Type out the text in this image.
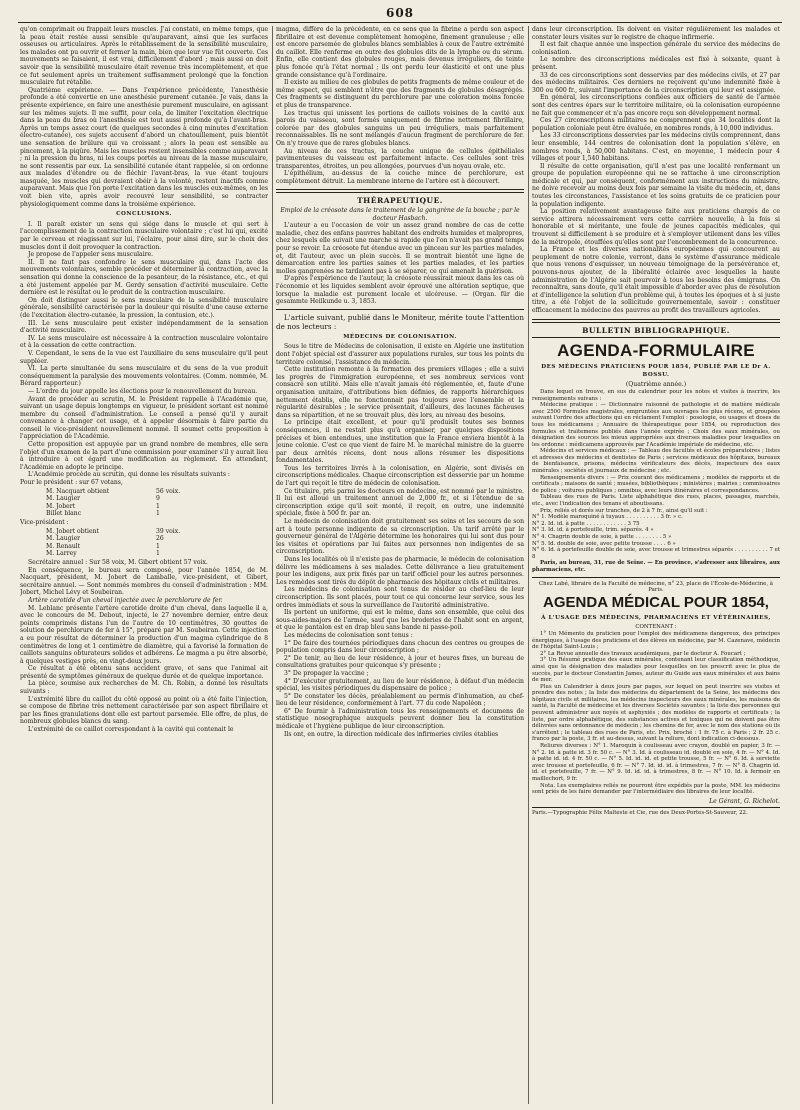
608

qu'on comprimait ou frappait leurs muscles. J'ai constaté, en même temps, que la peau était restée aussi sensible qu'auparavant, ainsi que les surfaces osseuses ou articulaires. Après le rétablissement de la sensibilité musculaire, les malades ont pu ouvrir et fermer la main, bien que leur vue fût couverte. Ces mouvements se faisaient, il est vrai, difficilement d'abord ; mais aussi on doit savoir que la sensibilité musculaire était revenue très incomplètement, et que ce fut seulement après un traitement suffisamment prolongé que la fonction musculaire fut rétablie.

Quatrième expérience. — Dans l'expérience précédente, l'anesthésie profonde a été convertie en une anesthésie purement cutanée. Je vais, dans la présente expérience, en faire une anesthésie purement musculaire, en agissant sur les mêmes sujets. Il me suffit, pour cela, de limiter l'excitation électrique dans la peau du bras où l'anesthésie est tout aussi profonde qu'à l'avant-bras. Après un temps assez court (de quelques secondes à cinq minutes d'excitation électro-cutanée), ces sujets accusent d'abord un chatouillement, puis bientôt une sensation de brûlure qui va croissant ; alors la peau est sensible au pincement, à la piqûre. Mais les muscles restent insensibles comme auparavant ; ni la pression du bras, ni les coups portés au niveau de la masse musculaire, ne sont ressentis par eux. La sensibilité cutanée étant rappelée, si on ordonne aux malades d'étendre ou de fléchir l'avant-bras, la vue étant toujours masquée, les muscles qui devraient obéir à la volonté, restent inactifs comme auparavant. Mais que l'on porte l'excitation dans les muscles eux-mêmes, on les voit bien vite, après avoir recouvré leur sensibilité, se contracter physiologiquement comme dans la troisième expérience.

CONCLUSIONS.

I. Il paraît exister un sens qui siége dans le muscle et qui sert à l'accomplissement de la contraction musculaire volontaire ; c'est lui qui, excité par le cerveau et réagissant sur lui, l'éclaire, pour ainsi dire, sur le choix des muscles dont il doit provoquer la contraction.

Je propose de l'appeler sens musculaire.

II. Il ne faut pas confondre le sens musculaire qui, dans l'acte des mouvements volontaires, semble précéder et déterminer la contraction, avec la sensation qui donne la conscience de la pesanteur, de la résistance, etc., et qui a été justement appelée par M. Gerdy sensation d'activité musculaire. Cette dernière est le résultat ou le produit de la contraction musculaire.

On doit distinguer aussi le sens musculaire de la sensibilité musculaire générale, sensibilité caractérisée par la douleur qui résulte d'une cause externe (de l'excitation électro-cutanée, la pression, la contusion, etc.).

III. Le sens musculaire peut exister indépendamment de la sensation d'activité musculaire.

IV. Le sens musculaire est nécessaire à la contraction musculaire volontaire et à la cessation de cette contraction.

V. Cependant, le sens de la vue est l'auxiliaire du sens musculaire qu'il peut suppléer.

VI. La perte simultanée du sens musculaire et du sens de la vue produit conséquemment la paralysie des mouvements volontaires. (Comm. nommée, M. Bérard rapporteur.)

— L'ordre du jour appelle les élections pour le renouvellement du bureau.

Avant de procéder au scrutin, M. le Président rappelle à l'Académie que, suivant un usage depuis longtemps en vigueur, le président sortant est nommé membre du conseil d'administration. Le conseil a pensé qu'il y aurait convenance à changer cet usage, et à appeler désormais à faire partie du conseil le vice-président nouvellement nommé. Il soumet cette proposition à l'appréciation de l'Académie.

Cette proposition est appuyée par un grand nombre de membres, elle sera l'objet d'un examen de la part d'une commission pour examiner s'il y aurait lieu à introduire à cet égard une modification au règlement. En attendant, l'Académie en adopte le principe.

L'Académie procède au scrutin, qui donne les résultats suivants :

Pour le président : sur 67 votans,

M. Nacquart obtient	56 voix.
M. Laugier	9
M. Jobert	1
Billet blanc	1

Vice-président :

M. Jobert obtient	39 voix.
M. Laugier	26
M. Renault	1
M. Larrey	1

Secrétaire annuel : Sur 58 voix, M. Gibert obtient 57 voix.

En conséquence, le bureau sera composé, pour l'année 1854, de M. Nacquart, président, M. Jobert de Lamballe, vice-président, et Gibert, secrétaire annuel. — Sont nommés membres du conseil d'administration : MM. Jobert, Michel Lévy et Soubeiran.

Artère carotide d'un cheval injectée avec le perchlorure de fer.

M. Leblanc présente l'artère carotide droite d'un cheval, dans laquelle il a, avec le concours de M. Debout, injecté, le 27 novembre dernier, entre deux points comprimés distans l'un de l'autre de 10 centimètres, 30 gouttes de solution de perchlorure de fer à 15°, préparé par M. Soubeiran. Cette injection a eu pour résultat de déterminer la production d'un magma cylindrique de 8 centimètres de long et 1 centimètre de diamètre, qui a favorisé la formation de caillots sanguins obturateurs solides et adhérens. Le magma a pu être absorbé, à quelques vestiges près, en vingt-deux jours.

Ce résultat a été obtenu sans accident grave, et sans que l'animal ait présenté de symptômes généraux de quelque durée et de quelque importance.

La pièce, soumise aux recherches de M. Ch. Robin, a donné les résultats suivants :

L'extrémité libre du caillot du côté opposé au point où a été faite l'injection, se compose de fibrine très nettement caractérisée par son aspect fibrillaire et par les fines granulations dont elle est partout parsemée. Elle offre, de plus, de nombreux globules blancs du sang.

L'extrémité de ce caillot correspondant à la cavité qui contenait le

magma, diffère de la précédente, en ce sens que la fibrine a perdu son aspect fibrillaire et est devenue complètement homogène, finement granuleuse ; elle est encore parsemée de globules blancs semblables à ceux de l'autre extrémité du caillot. Elle renferme en outre des globules dits de la lymphe ou du sérum. Enfin, elle contient des globules rouges, mais devenus irréguliers, de teinte plus foncée qu'à l'état normal ; ils ont perdu leur élasticité et ont une plus grande consistance qu'à l'ordinaire.

Il existe au milieu de ces globules de petits fragments de même couleur et de même aspect, qui semblent n'être que des fragments de globules désagrégés. Ces fragments se distinguent du perchlorure par une coloration moins foncée et plus de transparence.

Les tractus qui unissent les portions de caillots voisines de la cavité aux parois du vaisseau, sont formés uniquement de fibrine nettement fibrillaire, colorée par des globules sanguins un peu irréguliers, mais parfaitement reconnaissables. Ils ne sont mélangés d'aucun fragment de perchlorure de fer. On n'y trouve que de rares globules blancs.

Au niveau de ces tractus, la couche unique de cellules épithéliales pavimenteuses du vaisseau est parfaitement intacte. Ces cellules sont très transparentes, étroites, un peu allongées, pourvues d'un noyau ovale, etc.

L'épithélium, au-dessus de la couche mince de perchlorure, est complètement détruit. La membrane interne de l'artère est à découvert.

THÉRAPEUTIQUE.

Emploi de la créosote dans le traitement de la gangrène de la bouche ; par le docteur Hasbach.

L'auteur a eu l'occasion de voir un assez grand nombre de cas de cette maladie, chez des enfans pauvres habitant des endroits humides et malpropres, chez lesquels elle suivait une marche si rapide que l'on n'avait pas grand temps pour se revoir. La créosote fut étendue avec un pinceau sur les parties malades, et, dit l'auteur, avec un plein succès. Il se montrait bientôt une ligne de démarcation entre les parties saines et les parties malades, et les parties molles gangrenées ne tardaient pas à se séparer, ce qui amenait la guérison.

D'après l'expérience de l'auteur, la créosote réussirait mieux dans les cas où l'économie et les liquides semblent avoir éprouvé une altération septique, que lorsque la maladie est purement locale et ulcéreuse. — (Organ. für die gesammte Heilkunde u. 3, 1853.

L'article suivant, publié dans le Moniteur, mérite toute l'attention de nos lecteurs :

MÉDECINS DE COLONISATION.

Sous le titre de Médecins de colonisation, il existe en Algérie une institution dont l'objet spécial est d'assurer aux populations rurales, sur tous les points du territoire colonisé, l'assistance du médecin.

Cette institution remonte à la formation des premiers villages ; elle a suivi les progrès de l'immigration européenne, et ses nombreux services vont consacré son utilité. Mais elle n'avait jamais été réglementée, et, faute d'une organisation unitaire, d'attributions bien définies, de rapports hiérarchiques nettement établis, elle ne fonctionnait pas toujours avec l'ensemble et la régularité désirables ; le service présentait, d'ailleurs, des lacunes fâcheuses dans sa répartition, et ne se trouvait plus, dès lors, au niveau des besoins.

Le principe était excellent, et pour qu'il produisît toutes ses bonnes conséquences, il ne restait plus qu'à organiser, par quelques dispositions précises et bien entendues, une institution que la France enviera bientôt à la jeune colonie. C'est ce que vient de faire M. le maréchal ministre de la guerre par deux arrêtés récens, dont nous allons résumer les dispositions fondamentales.

Tous les territoires livrés à la colonisation, en Algérie, sont divisés en circonscriptions médicales. Chaque circonscription est desservie par un homme de l'art qui reçoit le titre de médecin de colonisation.

Ce titulaire, pris parmi les docteurs en médecine, est nommé par le ministre. Il lui est alloué un traitement annuel de 2,000 fr., et si l'étendue de sa circonscription exige qu'il soit monté, il reçoit, en outre, une indemnité spéciale, fixée à 500 fr. par an.

Le médecin de colonisation doit gratuitement ses soins et les secours de son art à toute personne indigente de sa circonscription. Un tarif arrêté par le gouverneur général de l'Algérie détermine les honoraires qui lui sont dus pour les visites et opérations par lui faites aux personnes non indigentes de sa circonscription.

Dans les localités où il n'existe pas de pharmacie, le médecin de colonisation délivre les médicamens à ses malades. Cette délivrance a lieu gratuitement pour les indigens, aux prix fixés par un tarif officiel pour les autres personnes. Les remèdes sont tirés du dépôt de pharmacie des hôpitaux civils et militaires.

Les médecins de colonisation sont tenus de résider au chef-lieu de leur circonscription. Ils sont placés, pour tout ce qui concerne leur service, sous les ordres immédiats et sous la surveillance de l'autorité administrative.

Ils portent un uniforme, qui est le même, dans son ensemble, que celui des sous-aides-majors de l'armée, sauf que les broderies de l'habit sont en argent, et que le pantalon est en drap bleu sans bande ni passe-poil.

Les médecins de colonisation sont tenus :

1° De faire des tournées périodiques dans chacun des centres ou groupes de population compris dans leur circonscription ;

2° De tenir, au lieu de leur résidence, à jour et heures fixes, un bureau de consultations gratuites pour quiconque s'y présente ;

3° De propager la vaccine ;

4° D'exécuter gratuitement, au lieu de leur résidence, à défaut d'un médecin spécial, les visites périodiques du dispensaire de police ;

5° De constater les décès, préalablement au permis d'inhumation, au chef-lieu de leur résidence, conformément à l'art. 77 du code Napoléon ;

6° De fournir à l'administration tous les renseignements et documens de statistique nosographique auxquels peuvent donner lieu la constitution médicale et l'hygiène publique de leur circonscription.

Ils ont, en outre, la direction médicale des infirmeries civiles établies

dans leur circonscription. Ils doivent en visiter régulièrement les malades et constater leurs visites sur le registre de chaque infirmerie.

Il est fait chaque année une inspection générale du service des médecins de colonisation.

Le nombre des circonscriptions médicales est fixé à soixante, quant à présent.

33 de ces circonscriptions sont desservies par des médecins civils, et 27 par des médecins militaires. Ces derniers ne reçoivent qu'une indemnité fixée à 300 ou 600 fr., suivant l'importance de la circonscription qui leur est assignée.

En général, les circonscriptions confiées aux officiers de santé de l'armée sont des centres épars sur le territoire militaire, où la colonisation européenne ne fait que commencer et n'a pas encore reçu son développement normal.

Ces 27 circonscriptions militaires ne comprennent que 34 localités dont la population coloniale peut être évaluée, en nombres ronds, à 10,000 individus.

Les 33 circonscriptions desservies par les médecins civils comprennent, dans leur ensemble, 144 centres de colonisation dont la population s'élève, en nombres ronds, à 50,000 habitans. C'est, en moyenne, 1 médecin pour 4 villages et pour 1,540 habitans.

Il résulte de cette organisation, qu'il n'est pas une localité renfermant un groupe de population européenne qui ne se rattache à une circonscription médicale et qui, par conséquent, conformément aux instructions du ministre, ne doive recevoir au moins deux fois par semaine la visite du médecin, et, dans toutes les circonstances, l'assistance et les soins gratuits de ce praticien pour la population indigente.

La position relativement avantageuse faite aux praticiens chargés de ce service attirera nécessairement vers cette carrière nouvelle, à la fois si honorable et si méritante, une foule de jeunes capacités médicales, qui trouvent si difficilement à se produire et à s'employer utilement dans les villes de la métropole, étouffées qu'elles sont par l'encombrement de la concurrence.

La France et les diverses nationalités européennes qui concourent au peuplement de notre colonie, verront, dans le système d'assurance médicale que nous venons d'esquisser, un nouveau témoignage de la persévérance et, pouvons-nous ajouter, de la libéralité éclairée avec lesquelles la haute administration de l'Algérie sait pourvoir à tous les besoins des émigrans. On reconnaîtra, sans doute, qu'il était impossible d'aborder avec plus de résolution et d'intelligence la solution d'un problème qui, à toutes les époques et à si juste titre, a été l'objet de la sollicitude gouvernementale, savoir : constituer efficacement la médecine des pauvres au profit des travailleurs agricoles.

BULLETIN BIBLIOGRAPHIQUE.
AGENDA-FORMULAIRE
DES MÉDECINS PRATICIENS POUR 1854, PUBLIÉ PAR LE Dr A. BOSSU.

(Quatrième année.)

Dans lequel on trouve, en sus du calendrier pour les notes et visites à inscrire, les renseignements suivans :

Médecine pratique : — Dictionnaire raisonné de pathologie et de matière médicale avec 2500 Formules magistrales, empruntées aux ouvrages les plus récens, et groupées suivant l'ordre des affections qui en réclament l'emploi : posologie, ou usages et doses de tous les médicamens ; Annuaire de thérapeutique pour 1854, ou reproduction des formules et traitemens publiés dans l'année expirée ; Choix des eaux minérales, ou désignation des sources les mieux appropriées aux diverses maladies pour lesquelles on les ordonne : médicamens approuvés par l'Académie impériale de médecine, etc.

Médecins et services médicaux : — Tableau des facultés et écoles préparatoires ; listes et adresses des médecins et dentistes de Paris ; services médicaux des hôpitaux, bureaux de bienfaisance, prisons, médecins vérificateurs des décès, inspecteurs des eaux minérales ; sociétés et journaux de médecine ; etc.

Renseignements divers : — Prix courant des médicamens ; modèles de rapports et de certificats ; maisons de santé ; musées, bibliothèques ; ministères ; mairies ; commissaires de police ; voitures publiques ; omnibus, avec leurs itinéraires et correspondances.

Tableau des rues de Paris. Liste alphabétique des rues, places, passages, marchés, etc., avec l'indication des tenans et aboutissans.

Prix, reliés et dorés sur tranches, de 2 à 7 fr., ainsi qu'il suit :

N° 1. Modèle maroquiné à tuyaux . . . . . . . . . . 3 fr. » c.

N° 2. Id. id. à patte . . . . . . . . . . . . 3 75

N° 3. Id. id. à portefeuille, trim. séparés. 4 »

N° 4. Chagrin double de soie, à patte . . . . . . . . 5 »

N° 5. Id. double de soie, avec petite trousse . . . . 6 »

N° 6. Id. à portefeuille double de soie, avec trousse et trimestres séparés . . . . . . . . . . 7 et 8

Paris, au bureau, 31, rue de Seine. — En province, s'adresser aux libraires, aux pharmaciens, etc.

Chez Labé, libraire de la Faculté de médecine, n° 23, place de l'École-de-Médecine, à Paris.

AGENDA MÉDICAL POUR 1854,
À L'USAGE DES MÉDECINS, PHARMACIENS ET VÉTÉRINAIRES,

CONTENANT :

1° Un Mémento du praticien pour l'emploi des médicamens dangereux, des principes énergiques, à l'usage des praticiens et des élèves en médecine, par M. Cazenave, médecin de l'hôpital Saint-Louis ;

2° La Revue annuelle des travaux académiques, par le docteur A. Foucart ;

3° Un Résumé pratique des eaux minérales, contenant leur classification méthodique, ainsi que la désignation des maladies pour lesquelles on les prescrit avec le plus de succès, par le docteur Constantin James, auteur du Guide aux eaux minérales et aux bains de mer.

Plus un Calendrier à deux jours par pages, sur lequel on peut inscrire ses visites et prendre des notes ; la liste des médecins du département de la Seine, les médecins des hôpitaux civils et militaires, les médecins inspecteurs des eaux minérales, les maisons de santé, la Faculté de médecine et les diverses Sociétés savantes ; la liste des personnes qui peuvent administrer aux noyés et asphyxiés ; des modèles de rapports et certificats ; la liste, par ordre alphabétique, des substances actives et toxiques qui ne doivent pas être délivrées sans ordonnance de médecin ; les chemins de fer, avec le nom des stations où ils s'arrêtent ; le tableau des rues de Paris, etc. Prix, broché : 1 fr. 75 c. à Paris ; 2 fr. 25 c. franco par la poste, 3 fr. et au-dessus, suivant la reliure, dont indication ci-dessous.

Reliures diverses : N° 1. Maroquin à coulisseau avec crayon, doublé en papier, 3 fr. — N° 2. Id. à patte id. 3 fr. 50 c. — N° 3. Id. à coulisseau id. doublé en soie, 4 fr. — N° 4. Id. à patte id. id. 4 fr. 50 c. — N° 5. Id. id. id. et petite trousse, 5 fr. — N° 6. Id. à serviette avec trousse et portefeuille, 6 fr. — N° 7. Id. id. id. à trimestres, 7 fr. — N° 8. Chagrin id. id. et portefeuille, 7 fr. — N° 9. Id. id. id. à trimestres, 8 fr. — N° 10. Id. à fermoir en maillechort, 9 fr.

Nota. Les exemplaires reliés ne pourront être expédiés par la poste, MM. les médecins sont priés de les faire demander par l'intermédiaire des libraires de leur localité.

Le Gérant, G. Richelot.

Paris.—Typographie Félix Malteste et Cie, rue des Deux-Portes-St-Sauveur, 22.
